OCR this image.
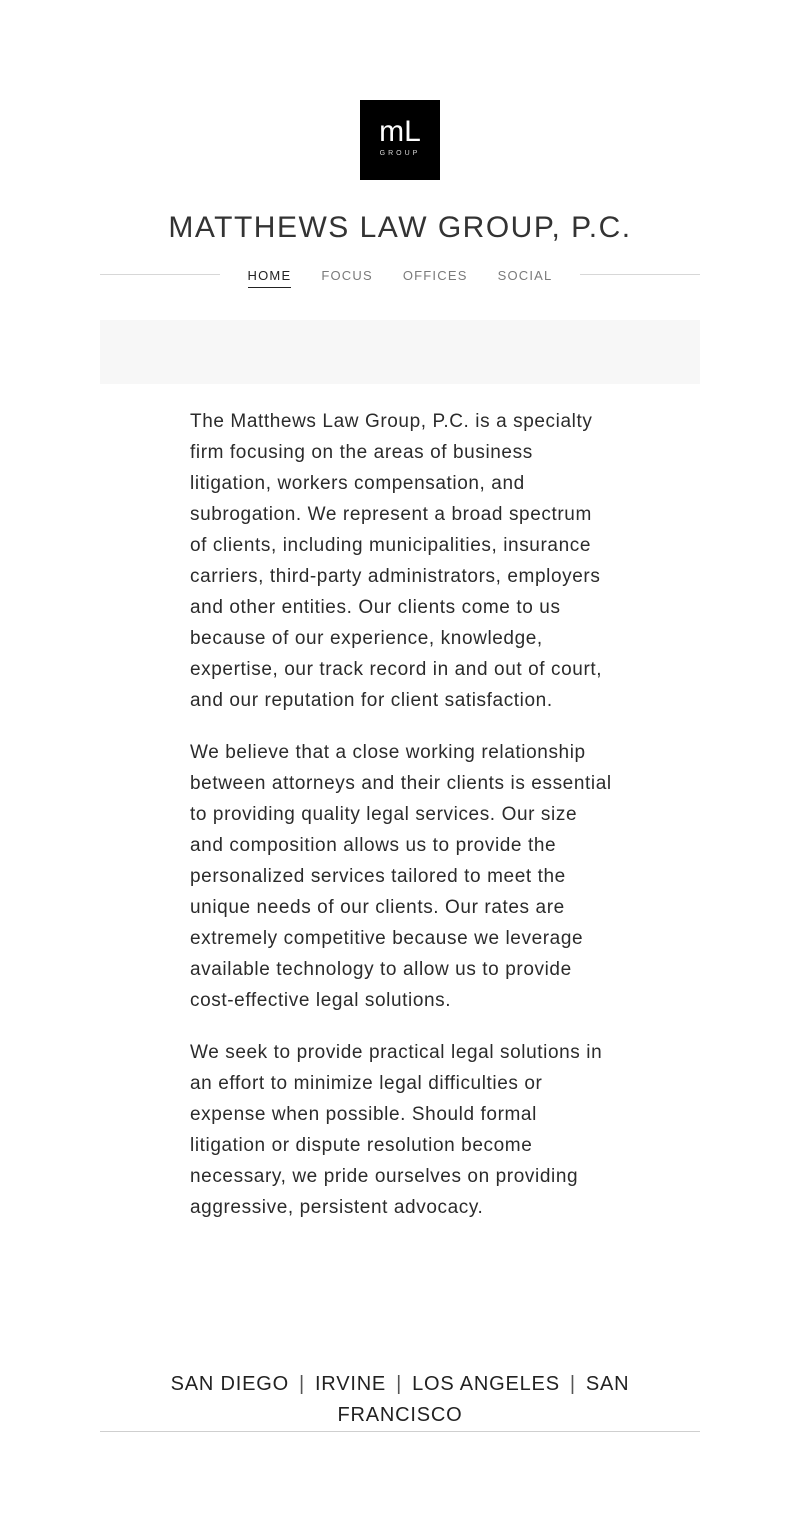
mL
GROUP
MATTHEWS LAW GROUP, P.C.
HOME FOCUS OFFICES SOCIAL

The Matthews Law Group, P.C. is a specialty firm focusing on the areas of business litigation, workers compensation, and subrogation. We represent a broad spectrum of clients, including municipalities, insurance carriers, third-party administrators, employers and other entities. Our clients come to us because of our experience, knowledge, expertise, our track record in and out of court, and our reputation for client satisfaction.

We believe that a close working relationship between attorneys and their clients is essential to providing quality legal services. Our size and composition allows us to provide the personalized services tailored to meet the unique needs of our clients. Our rates are extremely competitive because we leverage available technology to allow us to provide cost-effective legal solutions.

We seek to provide practical legal solutions in an effort to minimize legal difficulties or expense when possible. Should formal litigation or dispute resolution become necessary, we pride ourselves on providing aggressive, persistent advocacy.

SAN DIEGO | IRVINE | LOS ANGELES | SAN FRANCISCO
